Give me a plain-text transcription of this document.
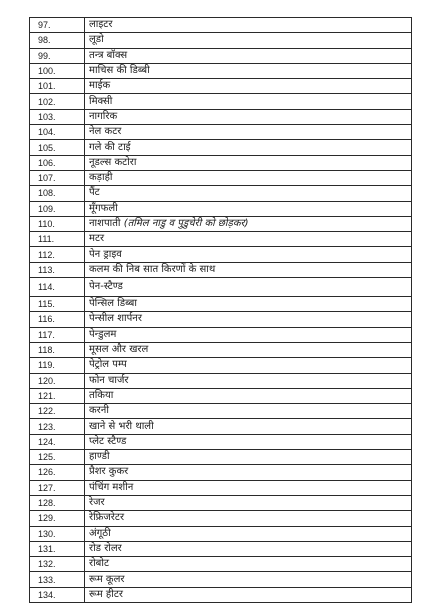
97.	लाइटर
98.	लूडो
99.	तन्त्र बॉक्स
100.	माचिस की डिब्बी
101.	माईक
102.	मिक्सी
103.	नागरिक
104.	नेल कटर
105.	गले की टाई
106.	नूडल्स कटोरा
107.	कड़ाही
108.	पैंट
109.	मूँगफली
110.	नाशपाती (तमिल नाडु व पुडुचेरी को छोड़कर)
111.	मटर
112.	पेन ड्राइव
113.	कलम की निब सात किरणों के साथ
114.	पेन-स्टैण्ड
115.	पेन्सिल डिब्बा
116.	पेन्सील शार्पनर
117.	पेन्डुलम
118.	मूसल और खरल
119.	पेट्रोल पम्प
120.	फोन चार्जर
121.	तकिया
122.	करनी
123.	खाने से भरी थाली
124.	प्लेट स्टैण्ड
125.	हाण्डी
126.	प्रैशर कुकर
127.	पंचिंग मशीन
128.	रेजर
129.	रेफ्रिजरेटर
130.	अंगूठी
131.	रोड रोलर
132.	रोबोट
133.	रूम कूलर
134.	रूम हीटर
